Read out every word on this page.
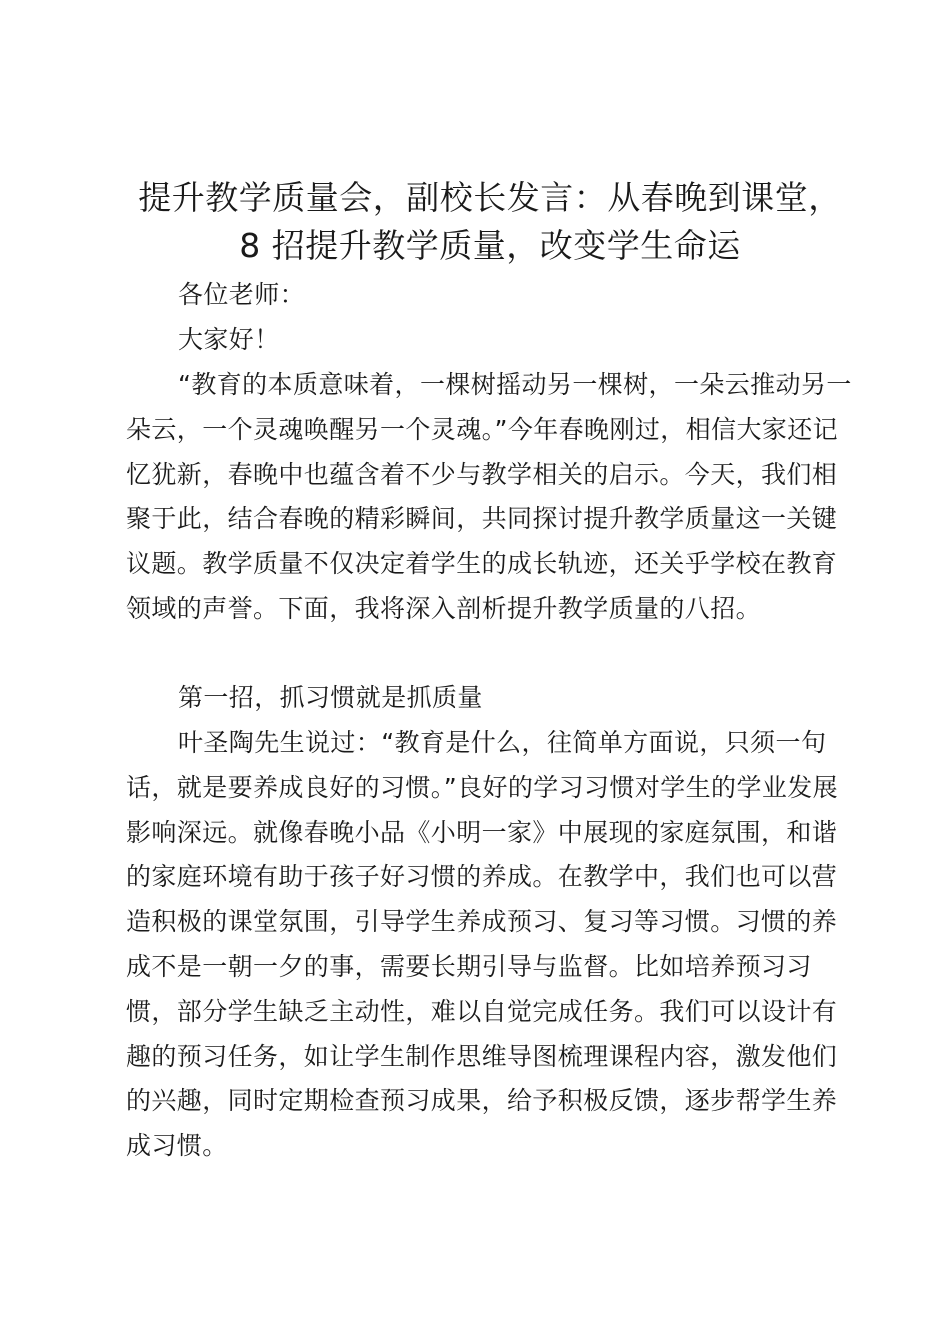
提升教学质量会，副校长发言：从春晚到课堂，
8 招提升教学质量，改变学生命运

各位老师：

大家好！

“教育的本质意味着，一棵树摇动另一棵树，一朵云推动另一朵云，一个灵魂唤醒另一个灵魂。”今年春晚刚过，相信大家还记忆犹新，春晚中也蕴含着不少与教学相关的启示。今天，我们相聚于此，结合春晚的精彩瞬间，共同探讨提升教学质量这一关键议题。教学质量不仅决定着学生的成长轨迹，还关乎学校在教育领域的声誉。下面，我将深入剖析提升教学质量的八招。

第一招，抓习惯就是抓质量

叶圣陶先生说过：“教育是什么，往简单方面说，只须一句话，就是要养成良好的习惯。”良好的学习习惯对学生的学业发展影响深远。就像春晚小品《小明一家》中展现的家庭氛围，和谐的家庭环境有助于孩子好习惯的养成。在教学中，我们也可以营造积极的课堂氛围，引导学生养成预习、复习等习惯。习惯的养成不是一朝一夕的事，需要长期引导与监督。比如培养预习习惯，部分学生缺乏主动性，难以自觉完成任务。我们可以设计有趣的预习任务，如让学生制作思维导图梳理课程内容，激发他们的兴趣，同时定期检查预习成果，给予积极反馈，逐步帮学生养成习惯。
